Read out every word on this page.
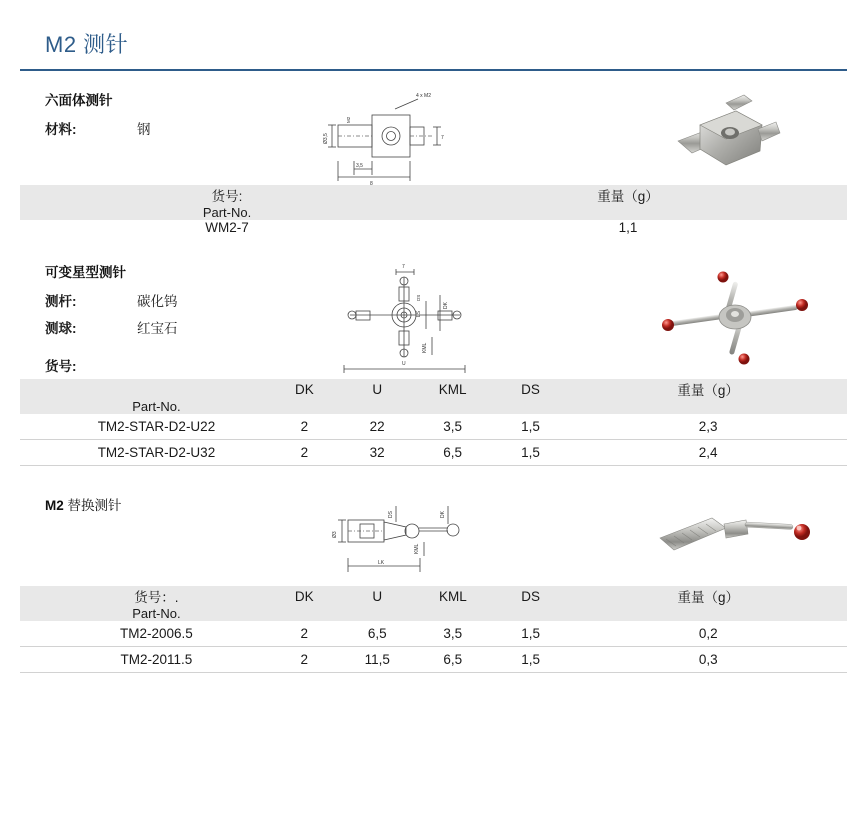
M2 测针
六面体测针
材料:	钢
4 x M2
Ø3,5
M2
7
3,5
8
货号:	重量（g）
Part-No.	
WM2-7	1,1
可变星型测针
测杆:	碳化钨
测球:	红宝石
货号:
7
LS
DK
DS
KML
U
	DK	U	KML	DS	重量（g）
Part-No.					
TM2-STAR-D2-U22	2	22	3,5	1,5	2,3
TM2-STAR-D2-U32	2	32	6,5	1,5	2,4
M2 替换测针
DS	DK
Ø3
KML
LK
货号：.	DK	U	KML	DS	重量（g）
Part-No.					
TM2-2006.5	2	6,5	3,5	1,5	0,2
TM2-2011.5	2	11,5	6,5	1,5	0,3
